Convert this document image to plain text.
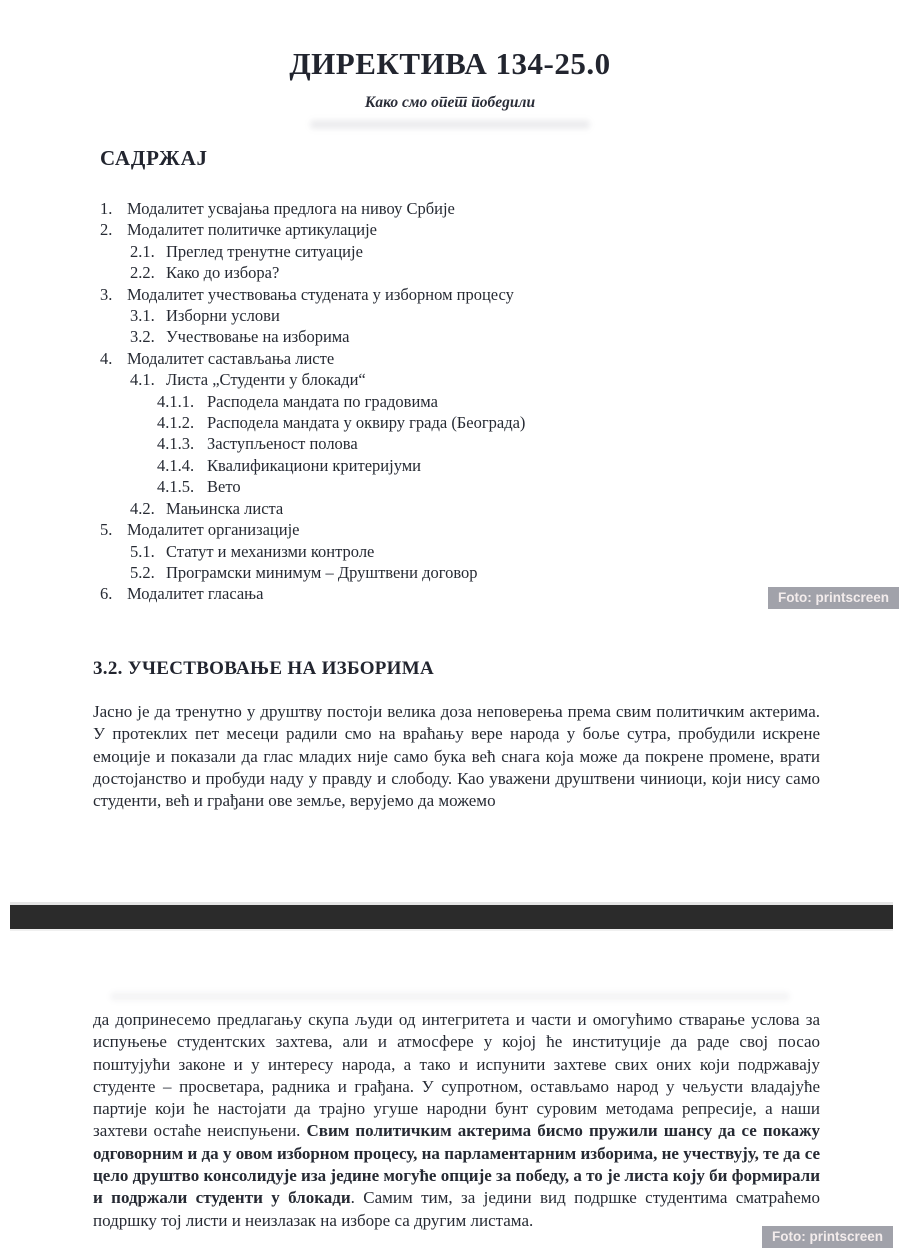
ДИРЕКТИВА 134-25.0
Како смо опет победили
САДРЖАЈ
1. Модалитет усвајања предлога на нивоу Србије
2. Модалитет политичке артикулације
2.1. Преглед тренутне ситуације
2.2. Како до избора?
3. Модалитет учествовања студената у изборном процесу
3.1. Изборни услови
3.2. Учествовање на изборима
4. Модалитет састављања листе
4.1. Листа „Студенти у блокади“
4.1.1. Расподела мандата по градовима
4.1.2. Расподела мандата у оквиру града (Београда)
4.1.3. Заступљеност полова
4.1.4. Квалификациони критеријуми
4.1.5. Вето
4.2. Мањинска листа
5. Модалитет организације
5.1. Статут и механизми контроле
5.2. Програмски минимум – Друштвени договор
6. Модалитет гласања	Foto: printscreen
3.2. УЧЕСТВОВАЊЕ НА ИЗБОРИМА

Јасно је да тренутно у друштву постоји велика доза неповерења према свим политичким актерима. У протеклих пет месеци радили смо на враћању вере народа у боље сутра, пробудили искрене емоције и показали да глас младих није само бука већ снага која може да покрене промене, врати достојанство и пробуди наду у правду и слободу. Као уважени друштвени чиниоци, који нису само студенти, већ и грађани ове земље, верујемо да можемо

да допринесемо предлагању скупа људи од интегритета и части и омогућимо стварање услова за испуњење студентских захтева, али и атмосфере у којој ће институције да раде свој посао поштујући законе и у интересу народа, а тако и испунити захтеве свих оних који подржавају студенте – просветара, радника и грађана. У супротном, остављамо народ у чељусти владајуће партије који ће настојати да трајно угуше народни бунт суровим методама репресије, а наши захтеви остаће неиспуњени. Свим политичким актерима бисмо пружили шансу да се покажу одговорним и да у овом изборном процесу, на парламентарним изборима, не учествују, те да се цело друштво консолидује иза једине могуће опције за победу, а то је листа коју би формирали и подржали студенти у блокади. Самим тим, за једини вид подршке студентима сматраћемо подршку тој листи и неизлазак на изборе са другим листама.

Foto: printscreen
